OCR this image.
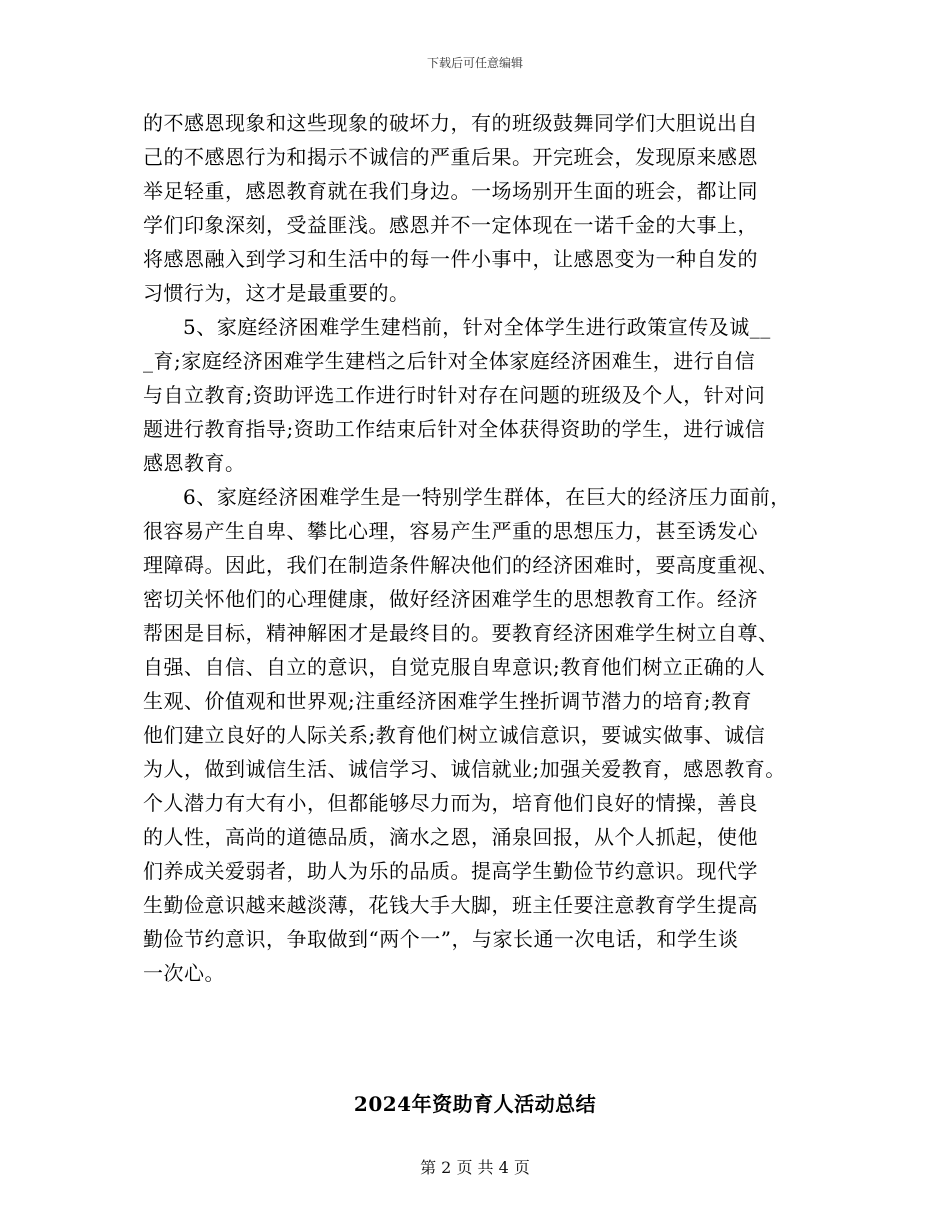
下载后可任意编辑
的不感恩现象和这些现象的破坏力，有的班级鼓舞同学们大胆说出自
己的不感恩行为和揭示不诚信的严重后果。开完班会，发现原来感恩
举足轻重，感恩教育就在我们身边。一场场别开生面的班会，都让同
学们印象深刻，受益匪浅。感恩并不一定体现在一诺千金的大事上，
将感恩融入到学习和生活中的每一件小事中，让感恩变为一种自发的
习惯行为，这才是最重要的。
5、家庭经济困难学生建档前，针对全体学生进行政策宣传及诚__
_育;家庭经济困难学生建档之后针对全体家庭经济困难生，进行自信
与自立教育;资助评选工作进行时针对存在问题的班级及个人，针对问
题进行教育指导;资助工作结束后针对全体获得资助的学生，进行诚信
感恩教育。
6、家庭经济困难学生是一特别学生群体，在巨大的经济压力面前，
很容易产生自卑、攀比心理，容易产生严重的思想压力，甚至诱发心
理障碍。因此，我们在制造条件解决他们的经济困难时，要高度重视、
密切关怀他们的心理健康，做好经济困难学生的思想教育工作。经济
帮困是目标，精神解困才是最终目的。要教育经济困难学生树立自尊、
自强、自信、自立的意识，自觉克服自卑意识;教育他们树立正确的人
生观、价值观和世界观;注重经济困难学生挫折调节潜力的培育;教育
他们建立良好的人际关系;教育他们树立诚信意识，要诚实做事、诚信
为人，做到诚信生活、诚信学习、诚信就业;加强关爱教育，感恩教育。
个人潜力有大有小，但都能够尽力而为，培育他们良好的情操，善良
的人性，高尚的道德品质，滴水之恩，涌泉回报，从个人抓起，使他
们养成关爱弱者，助人为乐的品质。提高学生勤俭节约意识。现代学
生勤俭意识越来越淡薄，花钱大手大脚，班主任要注意教育学生提高
勤俭节约意识，争取做到“两个一”，与家长通一次电话，和学生谈
一次心。
2024年资助育人活动总结
第 2 页 共 4 页
